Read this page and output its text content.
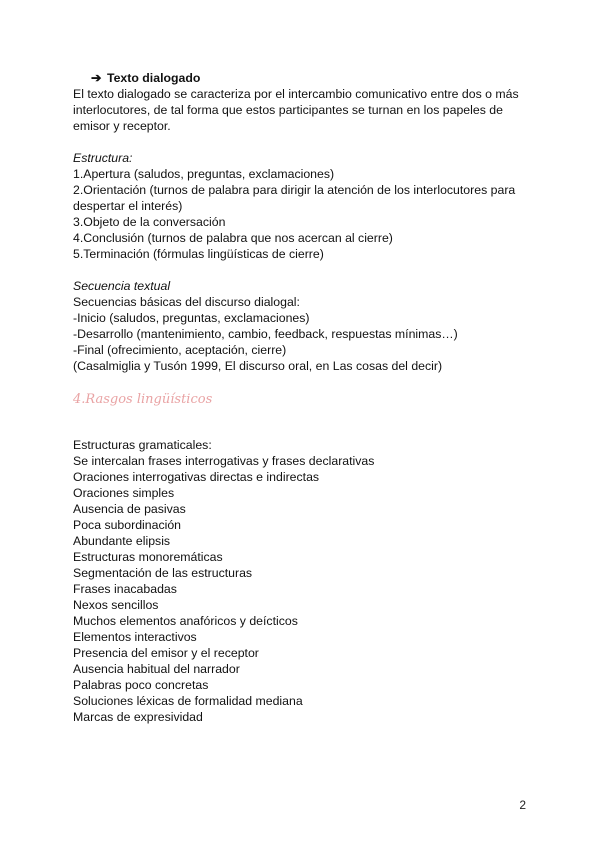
➔ Texto dialogado
El texto dialogado se caracteriza por el intercambio comunicativo entre dos o más
interlocutores, de tal forma que estos participantes se turnan en los papeles de
emisor y receptor.
Estructura:
1.Apertura (saludos, preguntas, exclamaciones)
2.Orientación (turnos de palabra para dirigir la atención de los interlocutores para
despertar el interés)
3.Objeto de la conversación
4.Conclusión (turnos de palabra que nos acercan al cierre)
5.Terminación (fórmulas lingüísticas de cierre)
Secuencia textual
Secuencias básicas del discurso dialogal:
-Inicio (saludos, preguntas, exclamaciones)
-Desarrollo (mantenimiento, cambio, feedback, respuestas mínimas…)
-Final (ofrecimiento, aceptación, cierre)
(Casalmiglia y Tusón 1999, El discurso oral, en Las cosas del decir)
4.Rasgos lingüísticos
Estructuras gramaticales:
Se intercalan frases interrogativas y frases declarativas
Oraciones interrogativas directas e indirectas
Oraciones simples
Ausencia de pasivas
Poca subordinación
Abundante elipsis
Estructuras monoremáticas
Segmentación de las estructuras
Frases inacabadas
Nexos sencillos
Muchos elementos anafóricos y deícticos
Elementos interactivos
Presencia del emisor y el receptor
Ausencia habitual del narrador
Palabras poco concretas
Soluciones léxicas de formalidad mediana
Marcas de expresividad
2
